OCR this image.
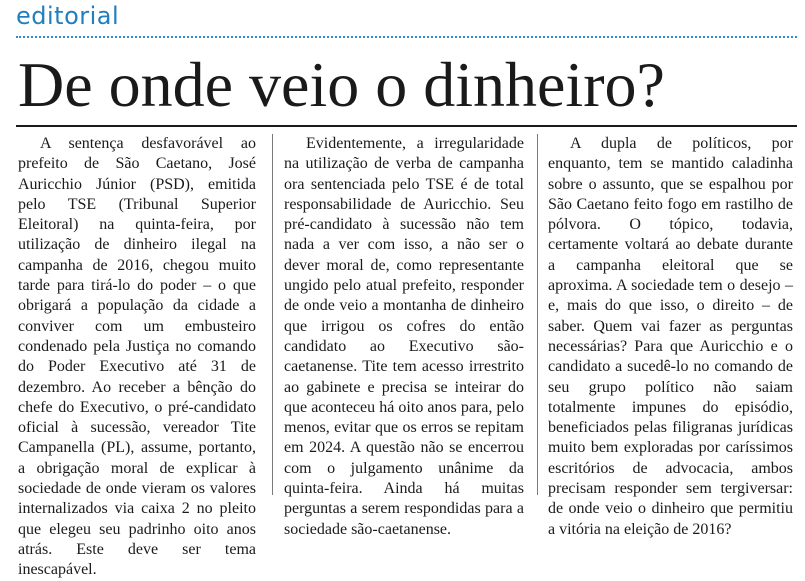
editorial
De onde veio o dinheiro?

A sentença desfavorável ao prefeito de São Caetano, José Auricchio Júnior (PSD), emitida pelo TSE (Tribunal Superior Eleitoral) na quinta-feira, por utilização de dinheiro ilegal na campanha de 2016, chegou muito tarde para tirá-lo do poder – o que obrigará a população da cidade a conviver com um embusteiro condenado pela Justiça no comando do Poder Executivo até 31 de dezembro. Ao receber a bênção do chefe do Executivo, o pré-candidato oficial à sucessão, vereador Tite Campanella (PL), assume, portanto, a obrigação moral de explicar à sociedade de onde vieram os valores internalizados via caixa 2 no pleito que elegeu seu padrinho oito anos atrás. Este deve ser tema inescapável.

Evidentemente, a irregularidade na utilização de verba de campanha ora sentenciada pelo TSE é de total responsabilidade de Auricchio. Seu pré-candidato à sucessão não tem nada a ver com isso, a não ser o dever moral de, como representante ungido pelo atual prefeito, responder de onde veio a montanha de dinheiro que irrigou os cofres do então candidato ao Executivo são-caetanense. Tite tem acesso irrestrito ao gabinete e precisa se inteirar do que aconteceu há oito anos para, pelo menos, evitar que os erros se repitam em 2024. A questão não se encerrou com o julgamento unânime da quinta-feira. Ainda há muitas perguntas a serem respondidas para a sociedade são-caetanense.

A dupla de políticos, por enquanto, tem se mantido caladinha sobre o assunto, que se espalhou por São Caetano feito fogo em rastilho de pólvora. O tópico, todavia, certamente voltará ao debate durante a campanha eleitoral que se aproxima. A sociedade tem o desejo – e, mais do que isso, o direito – de saber. Quem vai fazer as perguntas necessárias? Para que Auricchio e o candidato a sucedê-lo no comando de seu grupo político não saiam totalmente impunes do episódio, beneficiados pelas filigranas jurídicas muito bem exploradas por caríssimos escritórios de advocacia, ambos precisam responder sem tergiversar: de onde veio o dinheiro que permitiu a vitória na eleição de 2016?
